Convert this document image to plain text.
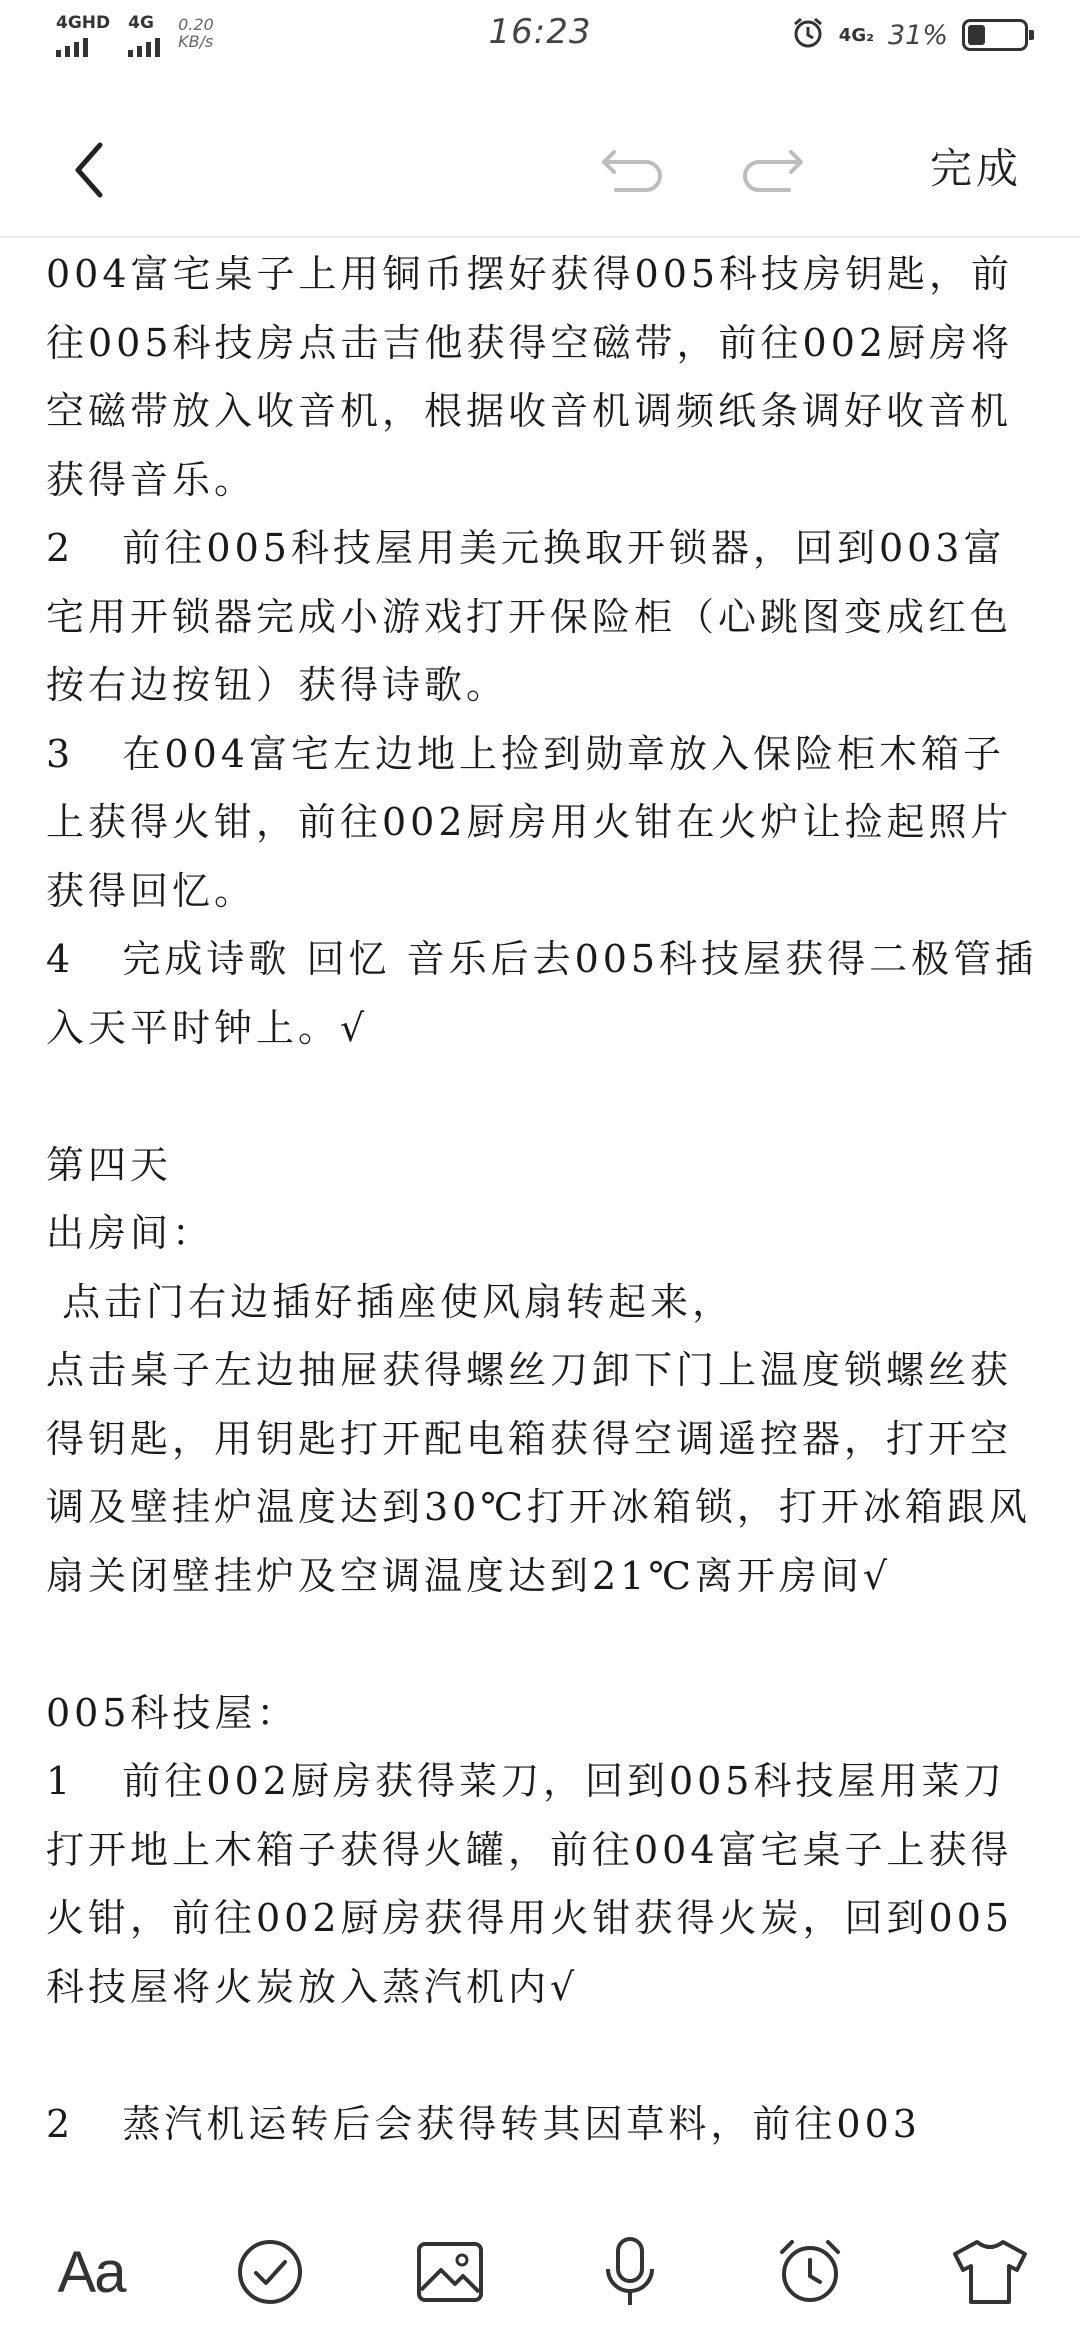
4GHD 4G	0.20
KB/s	16:23	4G₂ 31%
完成

004富宅桌子上用铜币摆好获得005科技房钥匙，前往005科技房点击吉他获得空磁带，前往002厨房将空磁带放入收音机，根据收音机调频纸条调好收音机获得音乐。

2   前往005科技屋用美元换取开锁器，回到003富宅用开锁器完成小游戏打开保险柜（心跳图变成红色按右边按钮）获得诗歌。

3   在004富宅左边地上捡到勋章放入保险柜木箱子上获得火钳，前往002厨房用火钳在火炉让捡起照片获得回忆。

4   完成诗歌 回忆 音乐后去005科技屋获得二极管插入天平时钟上。√

第四天

出房间：

点击门右边插好插座使风扇转起来，

点击桌子左边抽屉获得螺丝刀卸下门上温度锁螺丝获得钥匙，用钥匙打开配电箱获得空调遥控器，打开空调及壁挂炉温度达到30℃打开冰箱锁，打开冰箱跟风扇关闭壁挂炉及空调温度达到21℃离开房间√

005科技屋：

1   前往002厨房获得菜刀，回到005科技屋用菜刀打开地上木箱子获得火罐，前往004富宅桌子上获得火钳，前往002厨房获得用火钳获得火炭，回到005科技屋将火炭放入蒸汽机内√

2   蒸汽机运转后会获得转其因草料，前往003

Aa
